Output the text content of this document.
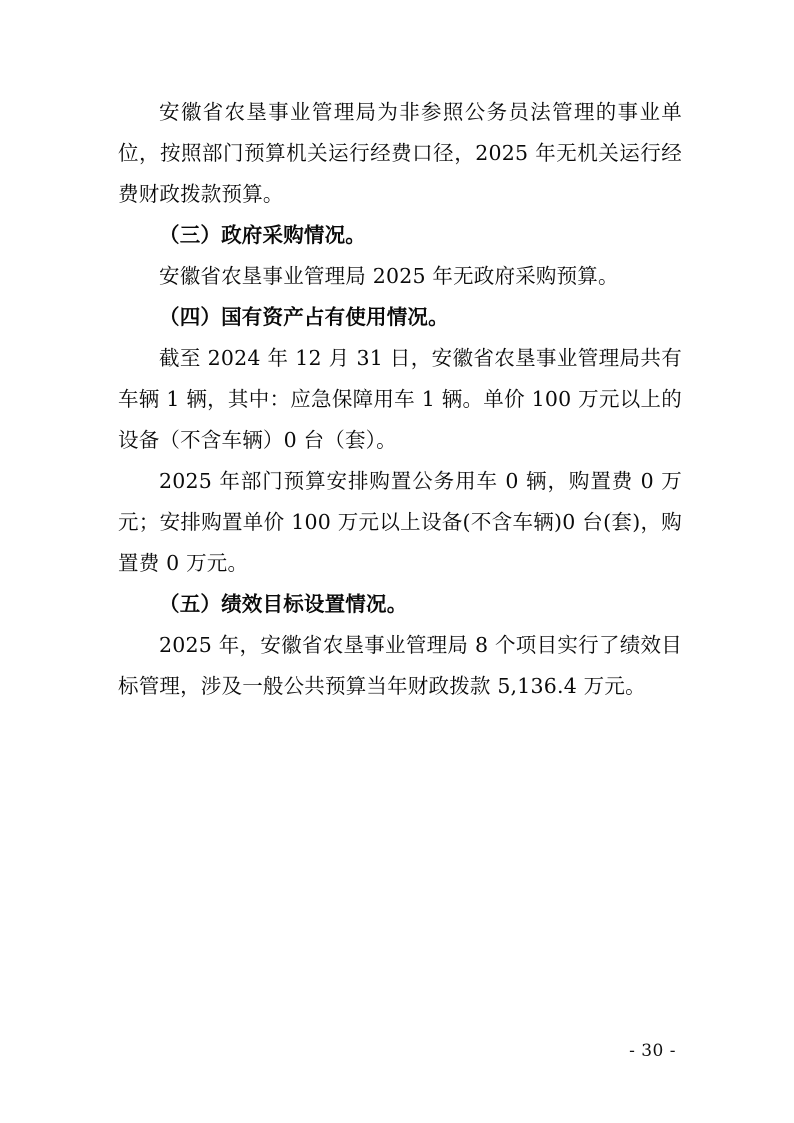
安徽省农垦事业管理局为非参照公务员法管理的事业单位，按照部门预算机关运行经费口径，2025 年无机关运行经费财政拨款预算。

（三）政府采购情况。

安徽省农垦事业管理局 2025 年无政府采购预算。

（四）国有资产占有使用情况。

截至 2024 年 12 月 31 日，安徽省农垦事业管理局共有车辆 1 辆，其中：应急保障用车 1 辆。单价 100 万元以上的设备（不含车辆）0 台（套）。

2025 年部门预算安排购置公务用车 0 辆，购置费 0 万元；安排购置单价 100 万元以上设备(不含车辆)0 台(套)，购置费 0 万元。

（五）绩效目标设置情况。

2025 年，安徽省农垦事业管理局 8 个项目实行了绩效目标管理，涉及一般公共预算当年财政拨款 5,136.4 万元。

- 30 -
